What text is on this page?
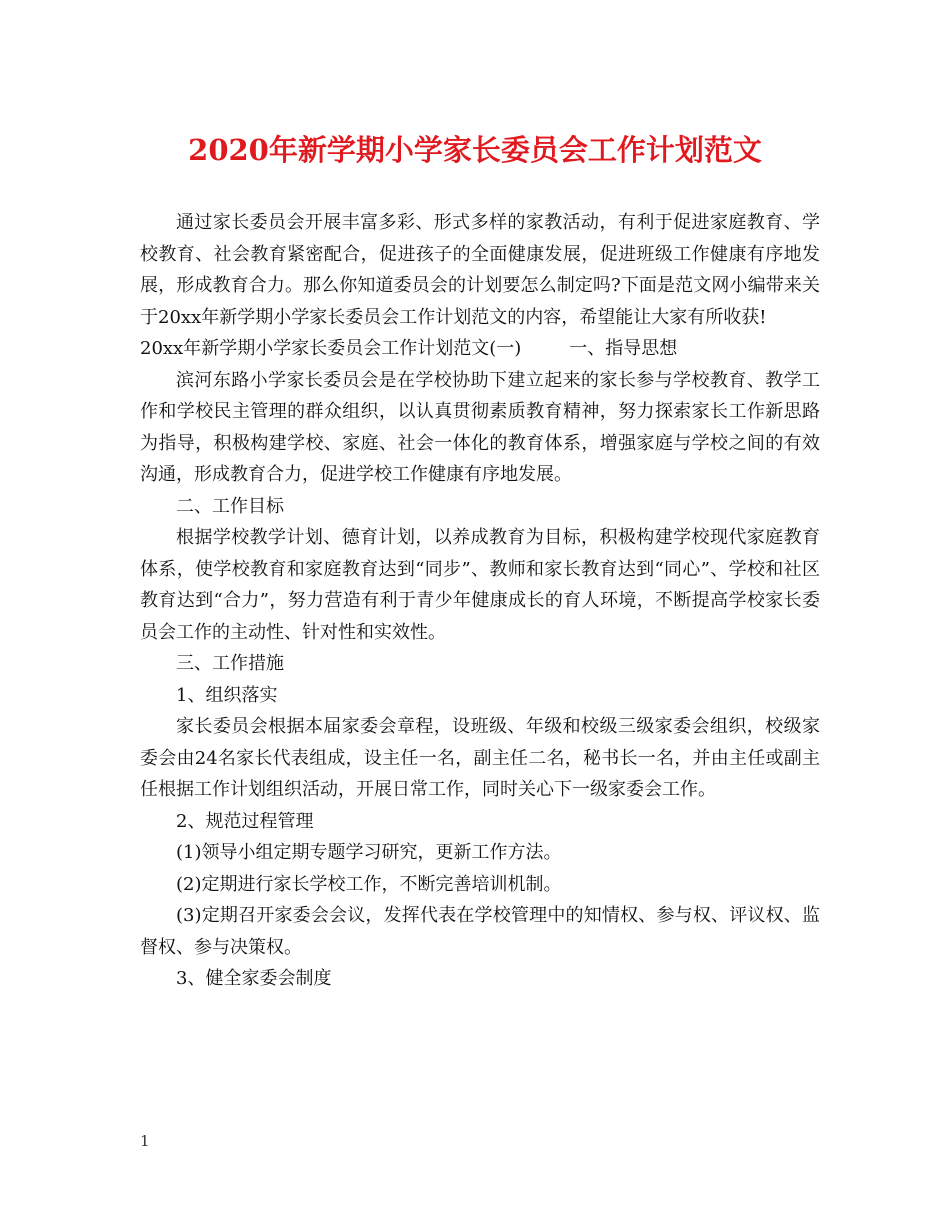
2020年新学期小学家长委员会工作计划范文

通过家长委员会开展丰富多彩、形式多样的家教活动，有利于促进家庭教育、学校教育、社会教育紧密配合，促进孩子的全面健康发展，促进班级工作健康有序地发展，形成教育合力。那么你知道委员会的计划要怎么制定吗?下面是范文网小编带来关于20xx年新学期小学家长委员会工作计划范文的内容，希望能让大家有所收获!

20xx年新学期小学家长委员会工作计划范文(一)	一、指导思想

滨河东路小学家长委员会是在学校协助下建立起来的家长参与学校教育、教学工作和学校民主管理的群众组织，以认真贯彻素质教育精神，努力探索家长工作新思路为指导，积极构建学校、家庭、社会一体化的教育体系，增强家庭与学校之间的有效沟通，形成教育合力，促进学校工作健康有序地发展。

二、工作目标

根据学校教学计划、德育计划，以养成教育为目标，积极构建学校现代家庭教育体系，使学校教育和家庭教育达到“同步”、教师和家长教育达到“同心”、学校和社区教育达到“合力”，努力营造有利于青少年健康成长的育人环境，不断提高学校家长委员会工作的主动性、针对性和实效性。

三、工作措施

1、组织落实

家长委员会根据本届家委会章程，设班级、年级和校级三级家委会组织，校级家委会由24名家长代表组成，设主任一名，副主任二名，秘书长一名，并由主任或副主任根据工作计划组织活动，开展日常工作，同时关心下一级家委会工作。

2、规范过程管理

(1)领导小组定期专题学习研究，更新工作方法。

(2)定期进行家长学校工作，不断完善培训机制。

(3)定期召开家委会会议，发挥代表在学校管理中的知情权、参与权、评议权、监督权、参与决策权。

3、健全家委会制度

1
